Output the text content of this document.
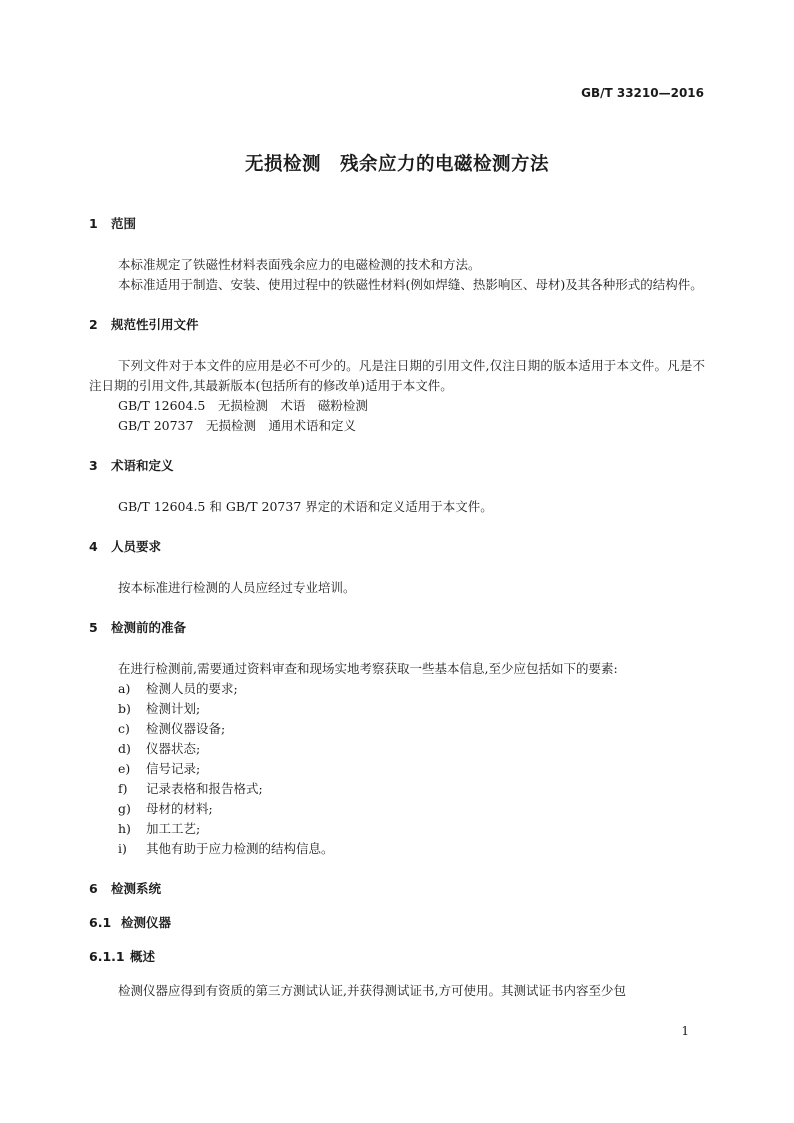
GB/T 33210—2016
无损检测　残余应力的电磁检测方法
1 范围

本标准规定了铁磁性材料表面残余应力的电磁检测的技术和方法。

本标准适用于制造、安装、使用过程中的铁磁性材料(例如焊缝、热影响区、母材)及其各种形式的结构件。

2 规范性引用文件

下列文件对于本文件的应用是必不可少的。凡是注日期的引用文件,仅注日期的版本适用于本文件。凡是不注日期的引用文件,其最新版本(包括所有的修改单)适用于本文件。

GB/T 12604.5　无损检测　术语　磁粉检测
GB/T 20737　无损检测　通用术语和定义
3 术语和定义

GB/T 12604.5 和 GB/T 20737 界定的术语和定义适用于本文件。

4 人员要求

按本标准进行检测的人员应经过专业培训。

5 检测前的准备

在进行检测前,需要通过资料审查和现场实地考察获取一些基本信息,至少应包括如下的要素:

a) 检测人员的要求;
b) 检测计划;
c) 检测仪器设备;
d) 仪器状态;
e) 信号记录;
f) 记录表格和报告格式;
g) 母材的材料;
h) 加工工艺;
i) 其他有助于应力检测的结构信息。
6 检测系统
6.1 检测仪器
6.1.1 概述

检测仪器应得到有资质的第三方测试认证,并获得测试证书,方可使用。其测试证书内容至少包

1
